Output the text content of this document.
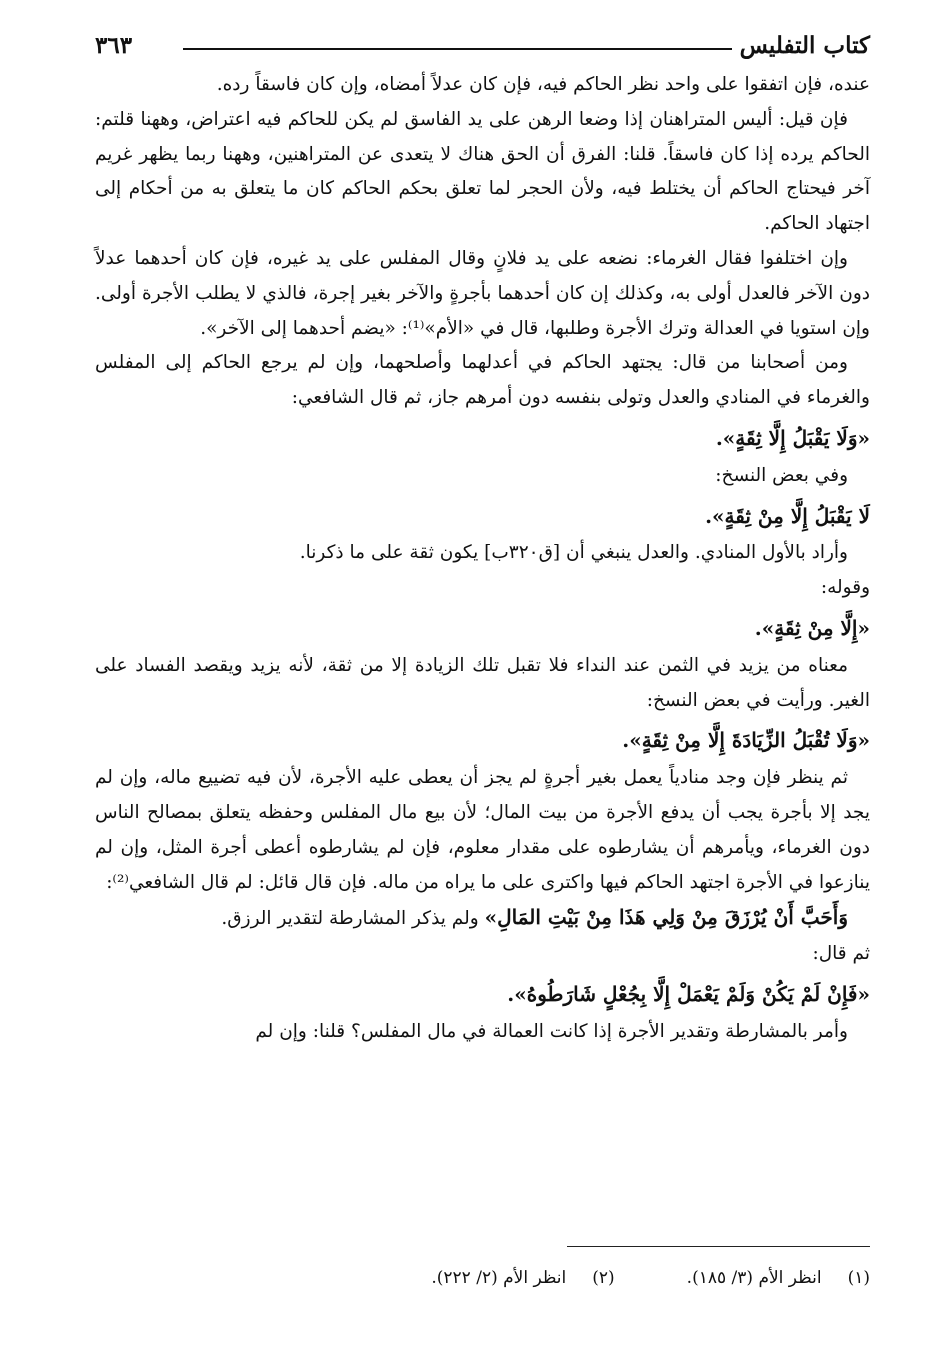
كتاب التفليس
٣٦٣

عنده، فإن اتفقوا على واحد نظر الحاكم فيه، فإن كان عدلاً أمضاه، وإن كان فاسقاً رده.

فإن قيل: أليس المتراهنان إذا وضعا الرهن على يد الفاسق لم يكن للحاكم فيه اعتراض، وههنا قلتم: الحاكم يرده إذا كان فاسقاً. قلنا: الفرق أن الحق هناك لا يتعدى عن المتراهنين، وههنا ربما يظهر غريم آخر فيحتاج الحاكم أن يختلط فيه، ولأن الحجر لما تعلق بحكم الحاكم كان ما يتعلق به من أحكام إلى اجتهاد الحاكم.

وإن اختلفوا فقال الغرماء: نضعه على يد فلانٍ وقال المفلس على يد غيره، فإن كان أحدهما عدلاً دون الآخر فالعدل أولى به، وكذلك إن كان أحدهما بأجرةٍ والآخر بغير إجرة، فالذي لا يطلب الأجرة أولى. وإن استويا في العدالة وترك الأجرة وطلبها، قال في «الأم»⁽¹⁾: «يضم أحدهما إلى الآخر».

ومن أصحابنا من قال: يجتهد الحاكم في أعدلهما وأصلحهما، وإن لم يرجع الحاكم إلى المفلس والغرماء في المنادي والعدل وتولى بنفسه دون أمرهم جاز، ثم قال الشافعي:

«وَلَا يَقْبَلُ إِلَّا ثِقَةٍ».

وفي بعض النسخ:

لَا يَقْبَلُ إِلَّا مِنْ ثِقَةٍ».

وأراد بالأول المنادي. والعدل ينبغي أن [ق٣٢٠ب] يكون ثقة على ما ذكرنا.

وقوله:

«إِلَّا مِنْ ثِقَةٍ».

معناه من يزيد في الثمن عند النداء فلا تقبل تلك الزيادة إلا من ثقة، لأنه يزيد ويقصد الفساد على الغير. ورأيت في بعض النسخ:

«وَلَا تُقْبَلُ الزِّيَادَةَ إِلَّا مِنْ ثِقَةٍ».

ثم ينظر فإن وجد منادياً يعمل بغير أجرةٍ لم يجز أن يعطى عليه الأجرة، لأن فيه تضييع ماله، وإن لم يجد إلا بأجرة يجب أن يدفع الأجرة من بيت المال؛ لأن بيع مال المفلس وحفظه يتعلق بمصالح الناس دون الغرماء، ويأمرهم أن يشارطوه على مقدار معلوم، فإن لم يشارطوه أعطى أجرة المثل، وإن لم ينازعوا في الأجرة اجتهد الحاكم فيها واكترى على ما يراه من ماله. فإن قال قائل: لم قال الشافعي⁽²⁾:

وَأَحَبَّ أَنْ يُرْزَقَ مِنْ وَلِي هَذَا مِنْ بَيْتِ المَالِ» ولم يذكر المشارطة لتقدير الرزق.

ثم قال:

«فَإِنْ لَمْ يَكُنْ وَلَمْ يَعْمَلْ إِلَّا بِجُعْلٍ شَارَطُوهُ».

وأمر بالمشارطة وتقدير الأجرة إذا كانت العمالة في مال المفلس؟ قلنا: وإن لم

(١)
انظر الأم (٣/ ١٨٥).
(٢)
انظر الأم (٢/ ٢٢٢).
